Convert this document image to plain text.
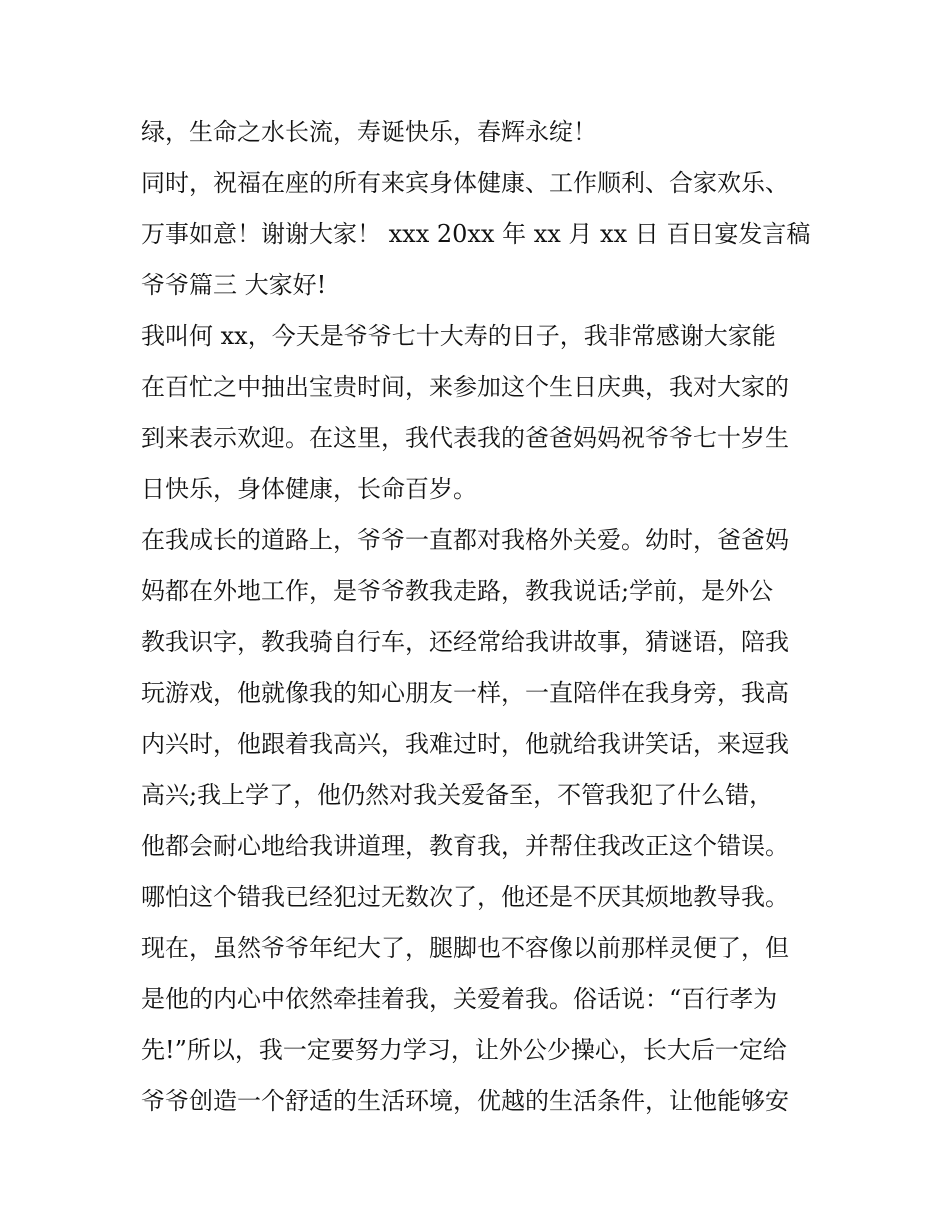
绿，生命之水长流，寿诞快乐，春辉永绽！

同时，祝福在座的所有来宾身体健康、工作顺利、合家欢乐、

万事如意！谢谢大家！ xxx 20xx 年 xx 月 xx 日 百日宴发言稿

爷爷篇三 大家好!

我叫何 xx，今天是爷爷七十大寿的日子，我非常感谢大家能

在百忙之中抽出宝贵时间，来参加这个生日庆典，我对大家的

到来表示欢迎。在这里，我代表我的爸爸妈妈祝爷爷七十岁生

日快乐，身体健康，长命百岁。

在我成长的道路上，爷爷一直都对我格外关爱。幼时，爸爸妈

妈都在外地工作，是爷爷教我走路，教我说话;学前，是外公

教我识字，教我骑自行车，还经常给我讲故事，猜谜语，陪我

玩游戏，他就像我的知心朋友一样，一直陪伴在我身旁，我高

内兴时，他跟着我高兴，我难过时，他就给我讲笑话，来逗我

高兴;我上学了，他仍然对我关爱备至，不管我犯了什么错，

他都会耐心地给我讲道理，教育我，并帮住我改正这个错误。

哪怕这个错我已经犯过无数次了，他还是不厌其烦地教导我。

现在，虽然爷爷年纪大了，腿脚也不容像以前那样灵便了，但

是他的内心中依然牵挂着我，关爱着我。俗话说：“百行孝为

先!”所以，我一定要努力学习，让外公少操心，长大后一定给

爷爷创造一个舒适的生活环境，优越的生活条件，让他能够安
